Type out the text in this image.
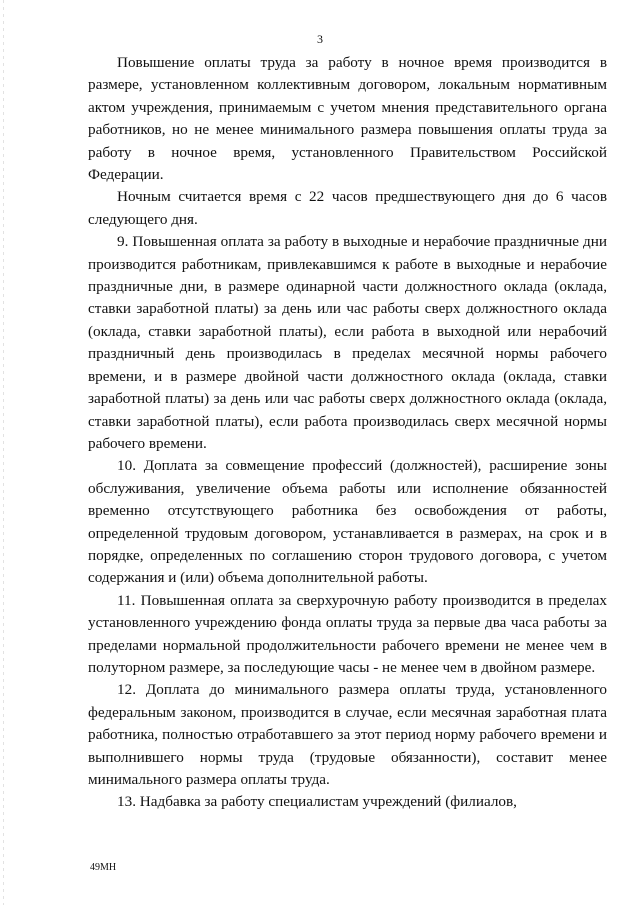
3

Повышение оплаты труда за работу в ночное время производится в размере, установленном коллективным договором, локальным нормативным актом учреждения, принимаемым с учетом мнения представительного органа работников, но не менее минимального размера повышения оплаты труда за работу в ночное время, установленного Правительством Российской Федерации.

Ночным считается время с 22 часов предшествующего дня до 6 часов следующего дня.

9. Повышенная оплата за работу в выходные и нерабочие праздничные дни производится работникам, привлекавшимся к работе в выходные и нерабочие праздничные дни, в размере одинарной части должностного оклада (оклада, ставки заработной платы) за день или час работы сверх должностного оклада (оклада, ставки заработной платы), если работа в выходной или нерабочий праздничный день производилась в пределах месячной нормы рабочего времени, и в размере двойной части должностного оклада (оклада, ставки заработной платы) за день или час работы сверх должностного оклада (оклада, ставки заработной платы), если работа производилась сверх месячной нормы рабочего времени.

10. Доплата за совмещение профессий (должностей), расширение зоны обслуживания, увеличение объема работы или исполнение обязанностей временно отсутствующего работника без освобождения от работы, определенной трудовым договором, устанавливается в размерах, на срок и в порядке, определенных по соглашению сторон трудового договора, с учетом содержания и (или) объема дополнительной работы.

11. Повышенная оплата за сверхурочную работу производится в пределах установленного учреждению фонда оплаты труда за первые два часа работы за пределами нормальной продолжительности рабочего времени не менее чем в полуторном размере, за последующие часы - не менее чем в двойном размере.

12. Доплата до минимального размера оплаты труда, установленного федеральным законом, производится в случае, если месячная заработная плата работника, полностью отработавшего за этот период норму рабочего времени и выполнившего нормы труда (трудовые обязанности), составит менее минимального размера оплаты труда.

13. Надбавка за работу специалистам учреждений (филиалов,

49МН
